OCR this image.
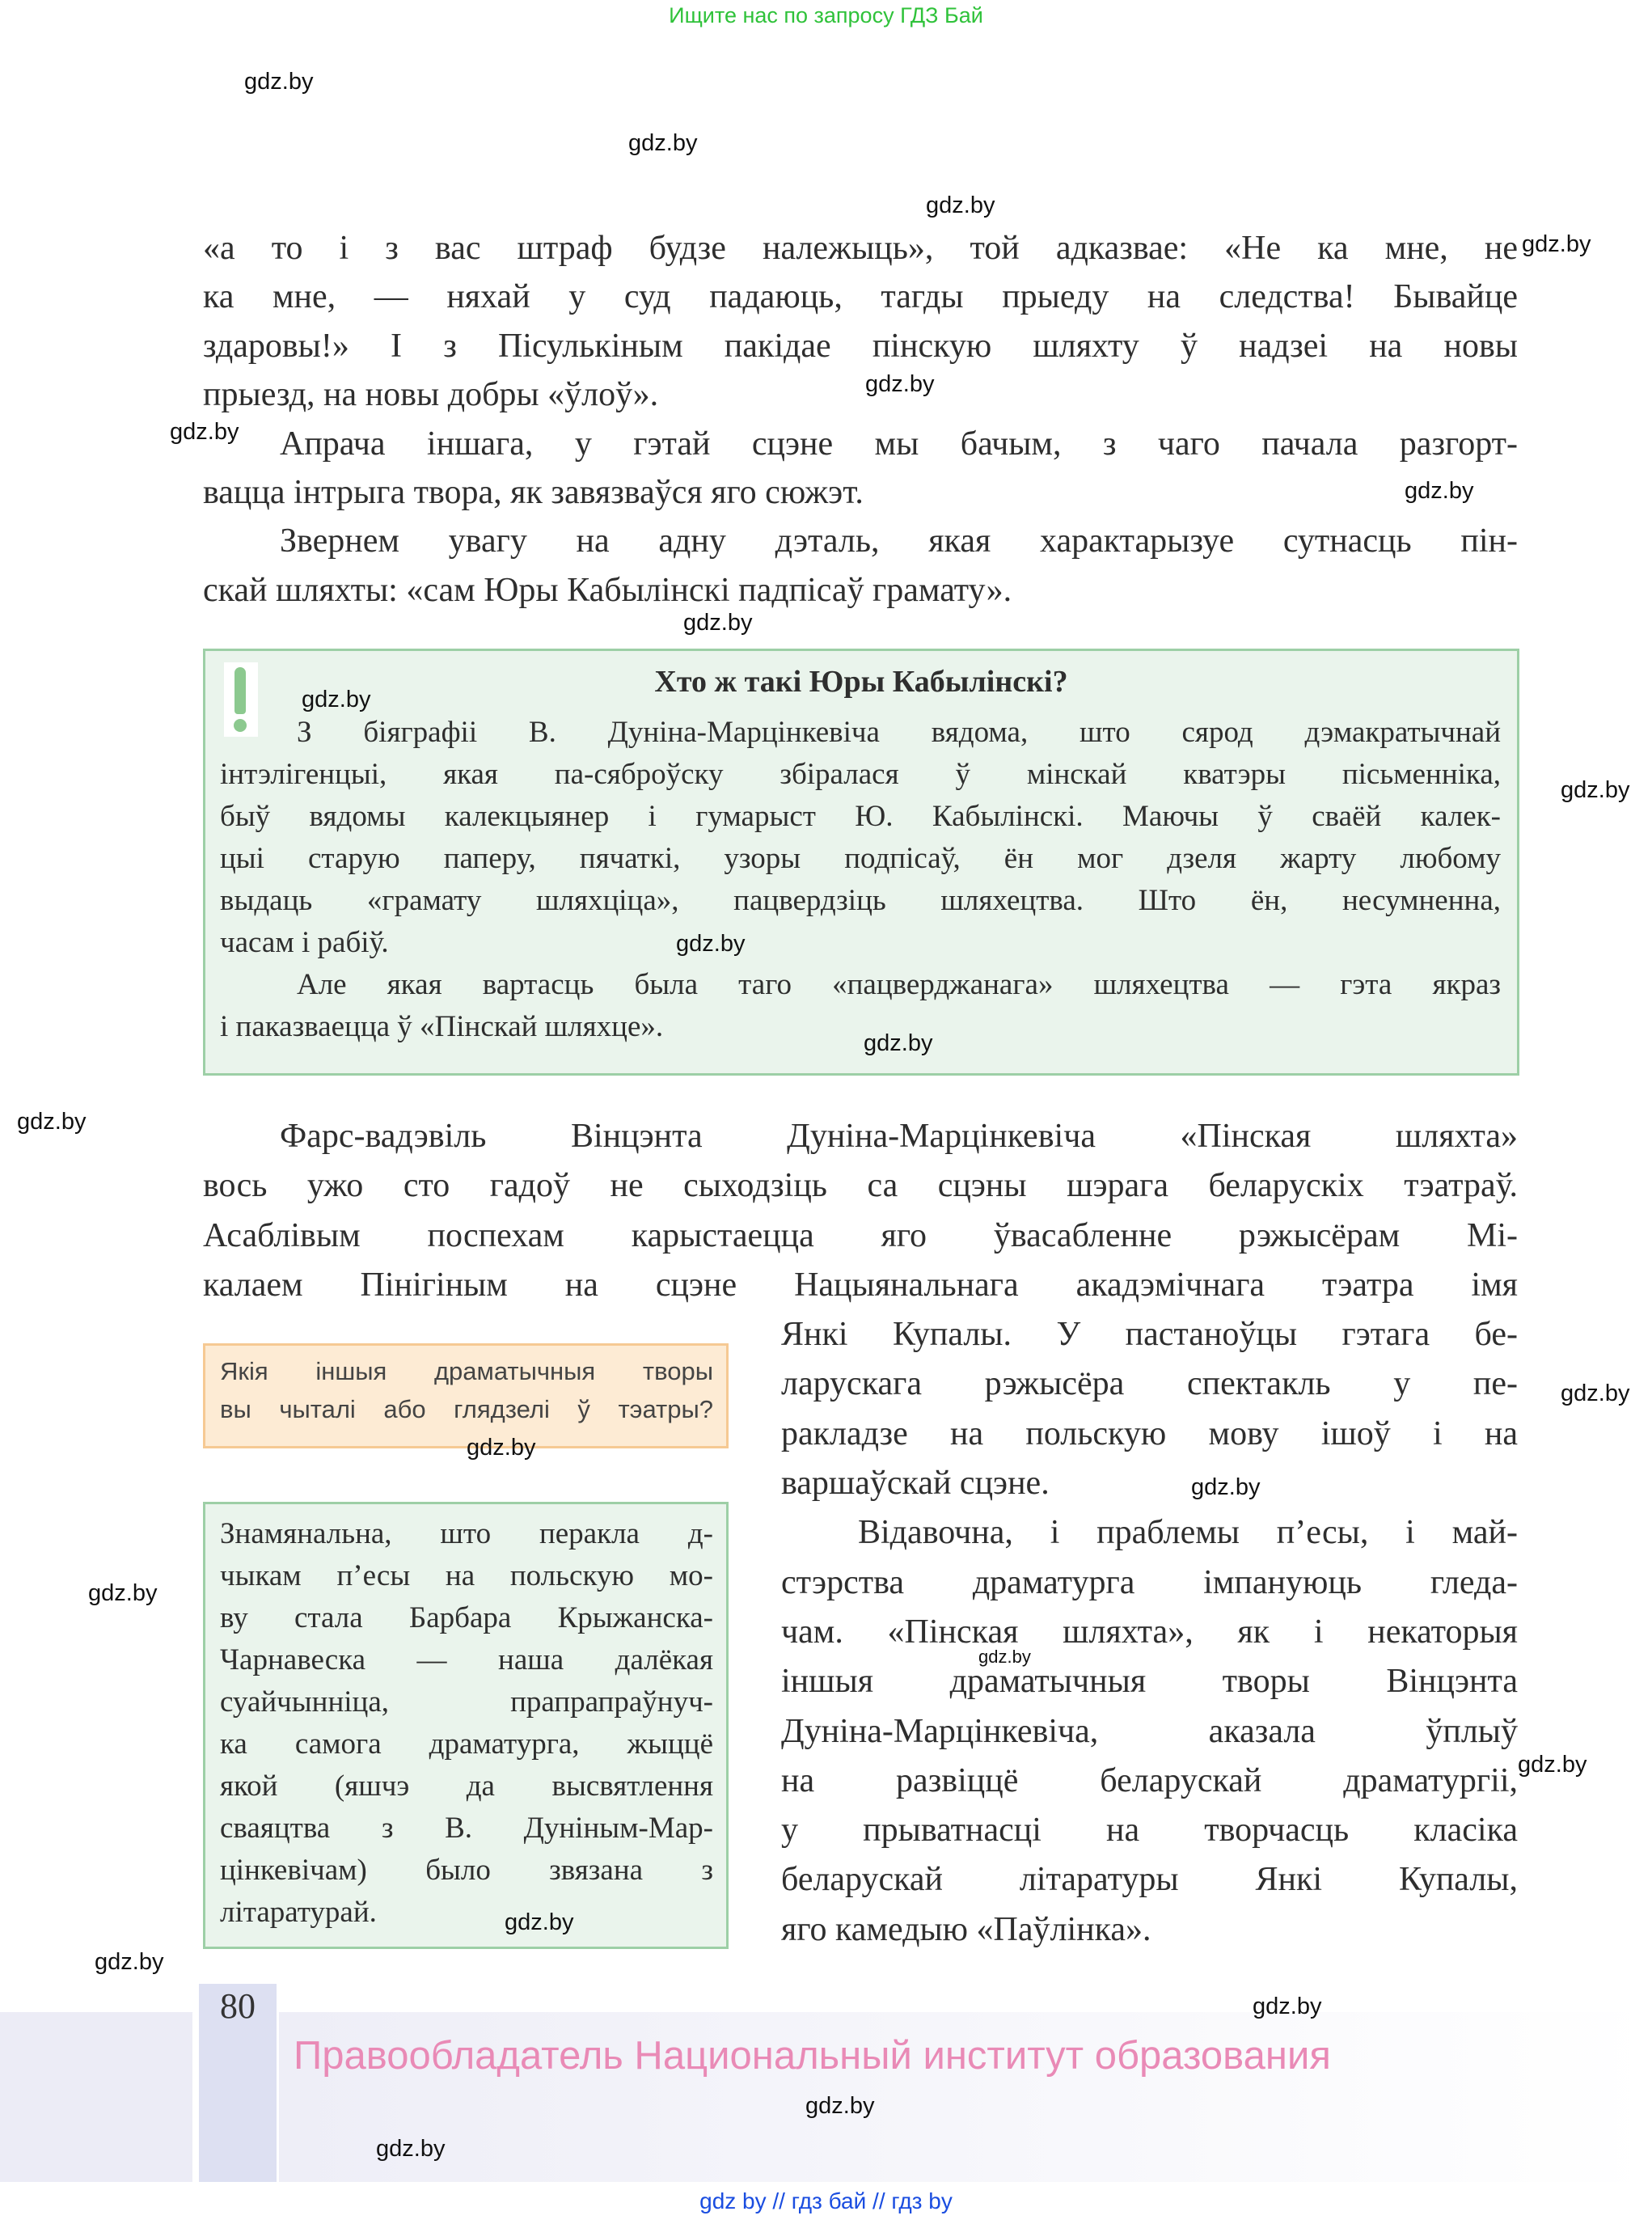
Ищите нас по запросу ГДЗ Бай
«а то і з вас штраф будзе належыць», той адказвае: «Не ка мне, не
ка мне, — няхай у суд падаюць, тагды прыеду на следства! Бывайце
здаровы!» І з Пісулькіным пакідае пінскую шляхту ў надзеі на новы
прыезд, на новы добры «ўлоў».
Апрача іншага, у гэтай сцэне мы бачым, з чаго пачала разгорт-
вацца інтрыга твора, як завязваўся яго сюжэт.
Звернем увагу на адну дэталь, якая характарызуе сутнасць пін-
скай шляхты: «сам Юры Кабылінскі падпісаў грамату».
Хто ж такі Юры Кабылінскі?
З біяграфіі В. Дуніна-Марцінкевіча вядома, што сярод дэмакратычнай
інтэлігенцыі, якая па-сяброўску збіралася ў мінскай кватэры пісьменніка,
быў вядомы калекцыянер і гумарыст Ю. Кабылінскі. Маючы ў сваёй калек-
цыі старую паперу, пячаткі, узоры подпісаў, ён мог дзеля жарту любому
выдаць «грамату шляхціца», пацвердзіць шляхецтва. Што ён, несумненна,
часам і рабіў.
Але якая вартасць была таго «пацверджанага» шляхецтва — гэта якраз
і паказваецца ў «Пінскай шляхце».
Фарс-вадэвіль Вінцэнта Дуніна-Марцінкевіча «Пінская шляхта»
вось ужо сто гадоў не сыходзіць са сцэны шэрага беларускіх тэатраў.
Асаблівым поспехам карыстаецца яго ўвасабленне рэжысёрам Мі-
калаем Пінігіным на сцэне Нацыянальнага акадэмічнага тэатра імя
Янкі Купалы. У пастаноўцы гэтага бе-
ларускага рэжысёра спектакль у пе-
ракладзе на польскую мову ішоў і на
варшаўскай сцэне.
Відавочна, і праблемы п’есы, і май-
стэрства драматурга імпануюць гледа-
чам. «Пінская шляхта», як і некаторыя
іншыя драматычныя творы Вінцэнта
Дуніна-Марцінкевіча, аказала ўплыў
на развіццё беларускай драматургіі,
у прыватнасці на творчасць класіка
беларускай літаратуры Янкі Купалы,
яго камедыю «Паўлінка».
Якія іншыя драматычныя творы
вы чыталі або глядзелі ў тэатры?
Знамянальна, што перакла д-
чыкам п’есы на польскую мо-
ву стала Барбара Крыжанска-
Чарнавеска — наша далёкая
суайчынніца, прапрапраўнуч-
ка самога драматурга, жыццё
якой (яшчэ да высвятлення
сваяцтва з В. Дуніным-Мар-
цінкевічам) было звязана з
літаратурай.
80
Правообладатель Национальный институт образования
gdz by // гдз бай // гдз by
gdz.by
gdz.by
gdz.by
gdz.by
gdz.by
gdz.by
gdz.by
gdz.by
gdz.by
gdz.by
gdz.by
gdz.by
gdz.by
gdz.by
gdz.by
gdz.by
gdz.by
gdz.by
gdz.by
gdz.by
gdz.by
gdz.by
gdz.by
gdz.by
